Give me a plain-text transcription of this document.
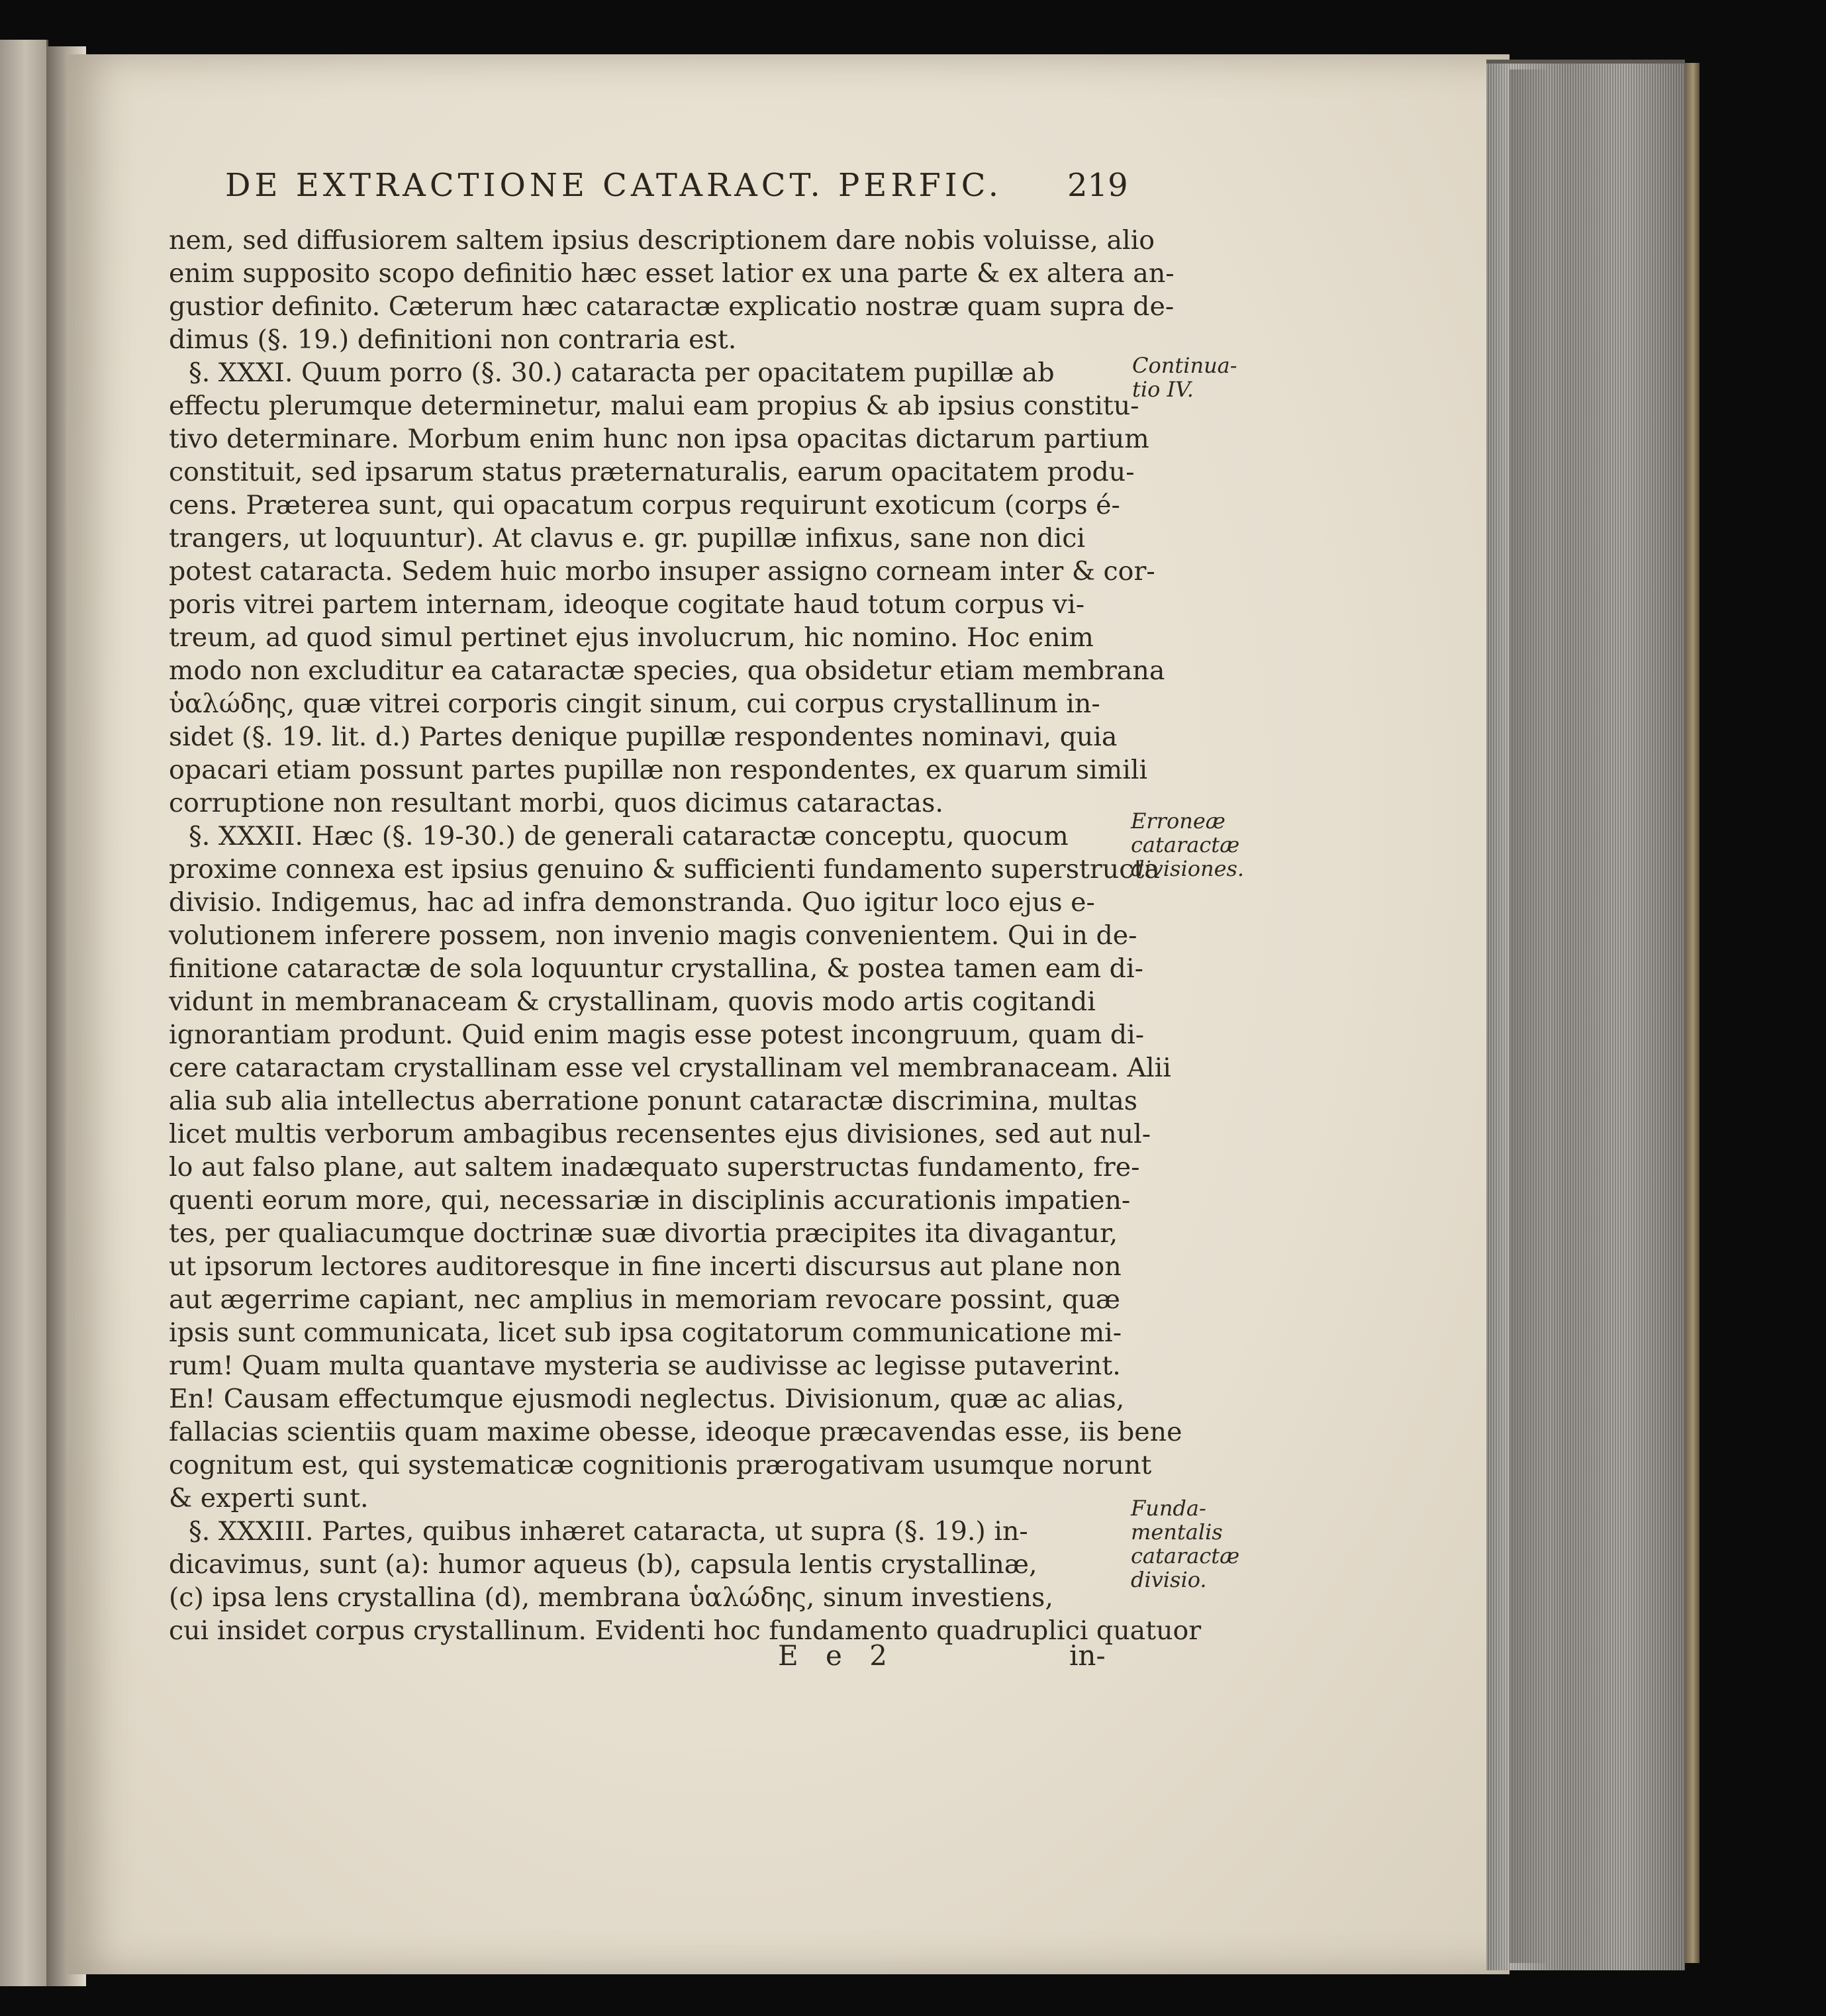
DE EXTRACTIONE CATARACT. PERFIC. 219
nem, sed diffusiorem saltem ipsius descriptionem dare nobis voluisse, alio
enim supposito scopo definitio hæc esset latior ex una parte & ex altera an-
gustior definito. Cæterum hæc cataractæ explicatio nostræ quam supra de-
dimus (§. 19.) definitioni non contraria est.
§. XXXI. Quum porro (§. 30.) cataracta per opacitatem pupillæ ab
effectu plerumque determinetur, malui eam propius & ab ipsius constitu-
tivo determinare. Morbum enim hunc non ipsa opacitas dictarum partium
constituit, sed ipsarum status præternaturalis, earum opacitatem produ-
cens. Præterea sunt, qui opacatum corpus requirunt exoticum (corps é-
trangers, ut loquuntur). At clavus e. gr. pupillæ infixus, sane non dici
potest cataracta. Sedem huic morbo insuper assigno corneam inter & cor-
poris vitrei partem internam, ideoque cogitate haud totum corpus vi-
treum, ad quod simul pertinet ejus involucrum, hic nomino. Hoc enim
modo non excluditur ea cataractæ species, qua obsidetur etiam membrana
ὑαλώδης, quæ vitrei corporis cingit sinum, cui corpus crystallinum in-
sidet (§. 19. lit. d.) Partes denique pupillæ respondentes nominavi, quia
opacari etiam possunt partes pupillæ non respondentes, ex quarum simili
corruptione non resultant morbi, quos dicimus cataractas.
§. XXXII. Hæc (§. 19-30.) de generali cataractæ conceptu, quocum
proxime connexa est ipsius genuino & sufficienti fundamento superstructa
divisio. Indigemus, hac ad infra demonstranda. Quo igitur loco ejus e-
volutionem inferere possem, non invenio magis convenientem. Qui in de-
finitione cataractæ de sola loquuntur crystallina, & postea tamen eam di-
vidunt in membranaceam & crystallinam, quovis modo artis cogitandi
ignorantiam produnt. Quid enim magis esse potest incongruum, quam di-
cere cataractam crystallinam esse vel crystallinam vel membranaceam. Alii
alia sub alia intellectus aberratione ponunt cataractæ discrimina, multas
licet multis verborum ambagibus recensentes ejus divisiones, sed aut nul-
lo aut falso plane, aut saltem inadæquato superstructas fundamento, fre-
quenti eorum more, qui, necessariæ in disciplinis accurationis impatien-
tes, per qualiacumque doctrinæ suæ divortia præcipites ita divagantur,
ut ipsorum lectores auditoresque in fine incerti discursus aut plane non
aut ægerrime capiant, nec amplius in memoriam revocare possint, quæ
ipsis sunt communicata, licet sub ipsa cogitatorum communicatione mi-
rum! Quam multa quantave mysteria se audivisse ac legisse putaverint.
En! Causam effectumque ejusmodi neglectus. Divisionum, quæ ac alias,
fallacias scientiis quam maxime obesse, ideoque præcavendas esse, iis bene
cognitum est, qui systematicæ cognitionis prærogativam usumque norunt
& experti sunt.
§. XXXIII. Partes, quibus inhæret cataracta, ut supra (§. 19.) in-
dicavimus, sunt (a): humor aqueus (b), capsula lentis crystallinæ,
(c) ipsa lens crystallina (d), membrana ὑαλώδης, sinum investiens,
cui insidet corpus crystallinum. Evidenti hoc fundamento quadruplici quatuor
Continua-
tio IV.
Erroneæ
cataractæ
divisiones.
Funda-
mentalis
cataractæ
divisio.
E e 2	in-
